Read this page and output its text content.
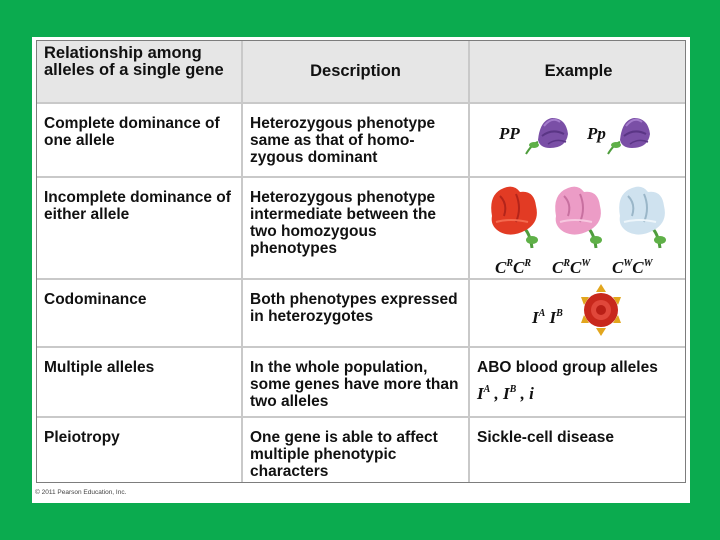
Relationship among alleles of a single gene	Description	Example
Complete dominance of one allele	Heterozygous phenotype same as that of homo-zygous dominant	PP Pp

Incomplete dominance of either allele	Heterozygous phenotype intermediate between the two homozygous phenotypes	$C^RC^R$ $C^RC^W$ $C^WC^W$

Codominance	Both phenotypes expressed in heterozygotes	$I^A$ $I^B$

Multiple alleles	In the whole population, some genes have more than two alleles	ABO blood group alleles
$I^A$ , $I^B$ , i

Pleiotropy	One gene is able to affect multiple phenotypic characters	Sickle-cell disease
© 2011 Pearson Education, Inc.
